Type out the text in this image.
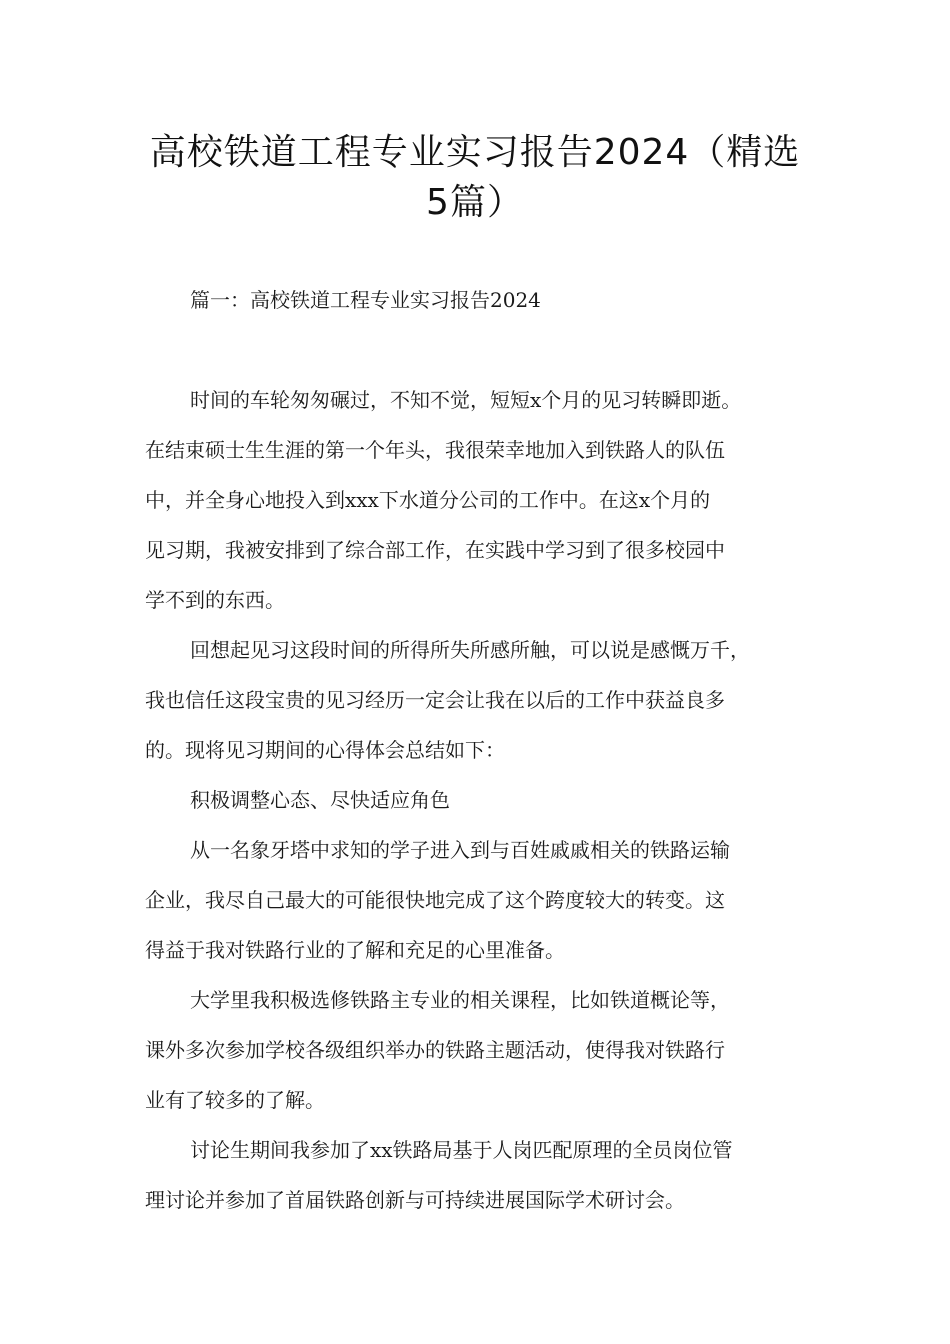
高校铁道工程专业实习报告2024（精选
5篇）
篇一：高校铁道工程专业实习报告2024

时间的车轮匆匆碾过，不知不觉，短短x个月的见习转瞬即逝。
在结束硕士生生涯的第一个年头，我很荣幸地加入到铁路人的队伍
中，并全身心地投入到xxx下水道分公司的工作中。在这x个月的
见习期，我被安排到了综合部工作，在实践中学习到了很多校园中
学不到的东西。

回想起见习这段时间的所得所失所感所触，可以说是感慨万千，
我也信任这段宝贵的见习经历一定会让我在以后的工作中获益良多
的。现将见习期间的心得体会总结如下：

积极调整心态、尽快适应角色

从一名象牙塔中求知的学子进入到与百姓戚戚相关的铁路运输
企业，我尽自己最大的可能很快地完成了这个跨度较大的转变。这
得益于我对铁路行业的了解和充足的心里准备。

大学里我积极选修铁路主专业的相关课程，比如铁道概论等，
课外多次参加学校各级组织举办的铁路主题活动，使得我对铁路行
业有了较多的了解。

讨论生期间我参加了xx铁路局基于人岗匹配原理的全员岗位管
理讨论并参加了首届铁路创新与可持续进展国际学术研讨会。
